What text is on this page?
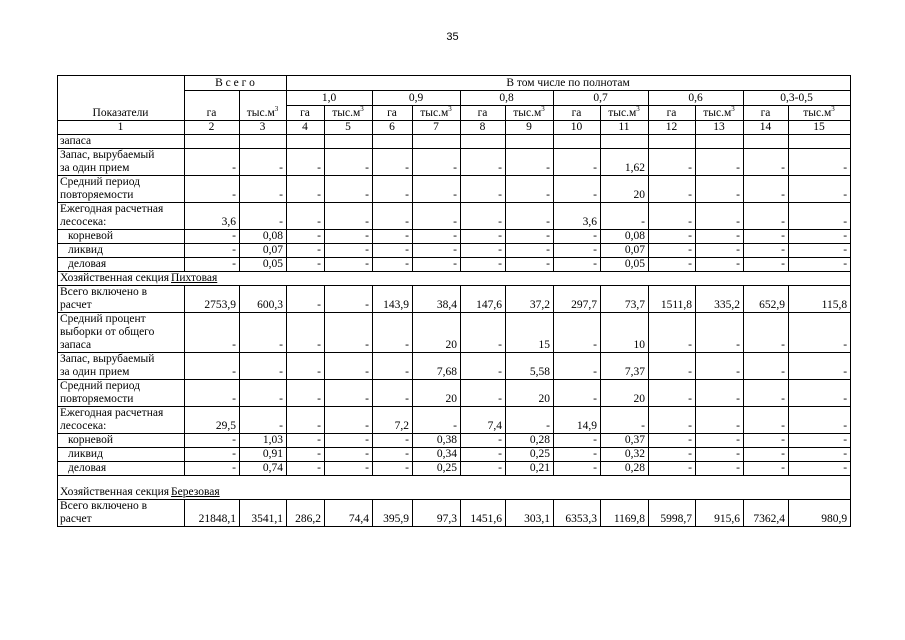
35
Показатели	В с е г о		В том числе по полнотам											
	га	$тыс.м^3$	1,0		0,9		0,8		0,7		0,6		0,3-0,5	
			га	$тыс.м^3$	га	$тыс.м^3$	га	$тыс.м^3$	га	$тыс.м^3$	га	$тыс.м^3$	га	$тыс.м^3$
1	2	3	4	5	6	7	8	9	10	11	12	13	14	15

запаса														

Запас, вырубаемый
за один прием	-	-	-	-	-	-	-	-	-	1,62	-	-	-	-

Средний период
повторяемости	-	-	-	-	-	-	-	-	-	20	-	-	-	-

Ежегодная расчетная
лесосека:	3,6	-	-	-	-	-	-	-	3,6	-	-	-	-	-

корневой	-	0,08	-	-	-	-	-	-	-	0,08	-	-	-	-

ликвид	-	0,07	-	-	-	-	-	-	-	0,07	-	-	-	-

деловая	-	0,05	-	-	-	-	-	-	-	0,05	-	-	-	-
Хозяйственная секция Пихтовая														

Всего включено в
расчет	2753,9	600,3	-	-	143,9	38,4	147,6	37,2	297,7	73,7	1511,8	335,2	652,9	115,8

Средний процент
выборки от общего
запаса	-	-	-	-	-	20	-	15	-	10	-	-	-	-

Запас, вырубаемый
за один прием	-	-	-	-	-	7,68	-	5,58	-	7,37	-	-	-	-

Средний период
повторяемости	-	-	-	-	-	20	-	20	-	20	-	-	-	-

Ежегодная расчетная
лесосека:	29,5	-	-	-	7,2	-	7,4	-	14,9	-	-	-	-	-

корневой	-	1,03	-	-	-	0,38	-	0,28	-	0,37	-	-	-	-

ликвид	-	0,91	-	-	-	0,34	-	0,25	-	0,32	-	-	-	-

деловая	-	0,74	-	-	-	0,25	-	0,21	-	0,28	-	-	-	-
Хозяйственная секция Березовая														

Всего включено в
расчет	21848,1	3541,1	286,2	74,4	395,9	97,3	1451,6	303,1	6353,3	1169,8	5998,7	915,6	7362,4	980,9
